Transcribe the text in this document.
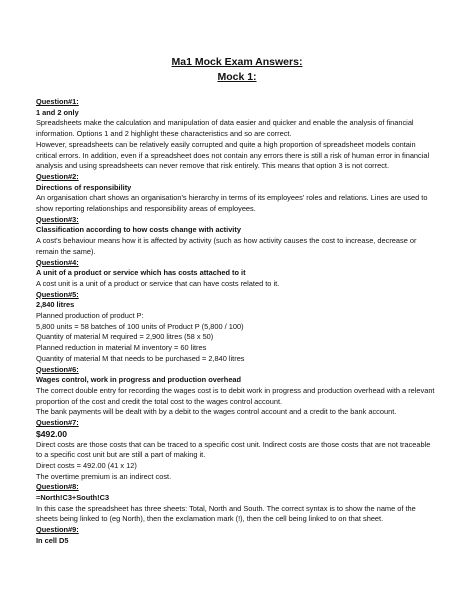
Ma1 Mock Exam Answers:
Mock 1:
Question#1:
1 and 2 only
Spreadsheets make the calculation and manipulation of data easier and quicker and enable the analysis of financial information. Options 1 and 2 highlight these characteristics and so are correct.
However, spreadsheets can be relatively easily corrupted and quite a high proportion of spreadsheet models contain critical errors. In addition, even if a spreadsheet does not contain any errors there is still a risk of human error in financial analysis and using spreadsheets can never remove that risk entirely. This means that option 3 is not correct.
Question#2:
Directions of responsibility
An organisation chart shows an organisation's hierarchy in terms of its employees' roles and relations. Lines are used to show reporting relationships and responsibility areas of employees.
Question#3:
Classification according to how costs change with activity
A cost's behaviour means how it is affected by activity (such as how activity causes the cost to increase, decrease or remain the same).
Question#4:
A unit of a product or service which has costs attached to it
A cost unit is a unit of a product or service that can have costs related to it.
Question#5:
2,840 litres
Planned production of product P:
5,800 units = 58 batches of 100 units of Product P (5,800 / 100)
Quantity of material M required = 2,900 litres (58 x 50)
Planned reduction in material M inventory = 60 litres
Quantity of material M that needs to be purchased = 2,840 litres
Question#6:
Wages control, work in progress and production overhead
The correct double entry for recording the wages cost is to debit work in progress and production overhead with a relevant proportion of the cost and credit the total cost to the wages control account.
The bank payments will be dealt with by a debit to the wages control account and a credit to the bank account.
Question#7:
$492.00
Direct costs are those costs that can be traced to a specific cost unit. Indirect costs are those costs that are not traceable to a specific cost unit but are still a part of making it.
Direct costs = 492.00 (41 x 12)
The overtime premium is an indirect cost.
Question#8:
=North!C3+South!C3
In this case the spreadsheet has three sheets: Total, North and South. The correct syntax is to show the name of the sheets being linked to (eg North), then the exclamation mark (!), then the cell being linked to on that sheet.
Question#9:
In cell D5
